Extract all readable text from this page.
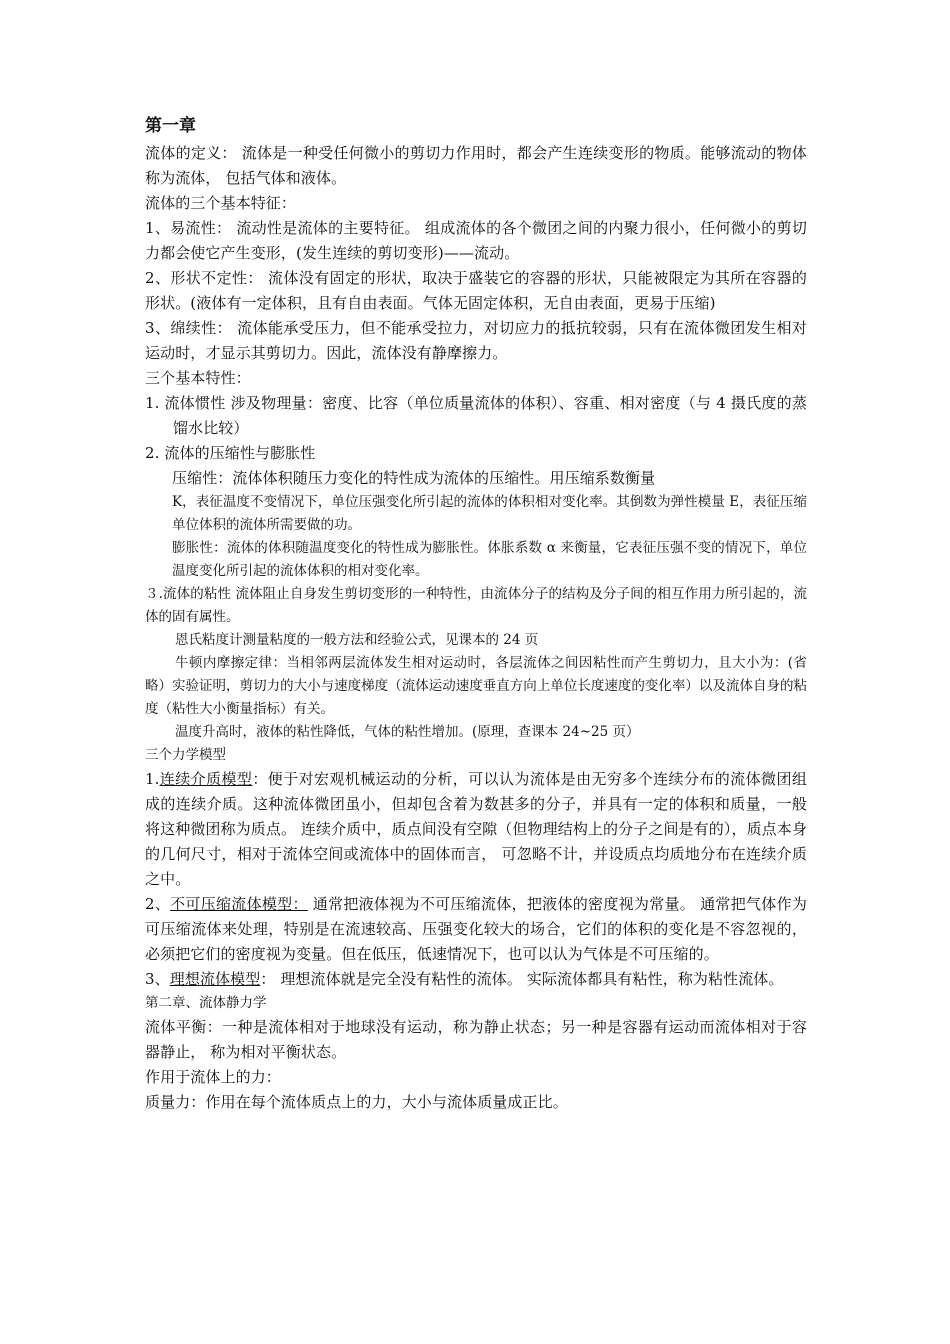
第一章

流体的定义： 流体是一种受任何微小的剪切力作用时，都会产生连续变形的物质。能够流动的物体称为流体， 包括气体和液体。

流体的三个基本特征：

1、易流性： 流动性是流体的主要特征。 组成流体的各个微团之间的内聚力很小，任何微小的剪切力都会使它产生变形，(发生连续的剪切变形)——流动。

2、形状不定性： 流体没有固定的形状，取决于盛装它的容器的形状，只能被限定为其所在容器的形状。(液体有一定体积，且有自由表面。气体无固定体积，无自由表面，更易于压缩)

3、绵续性： 流体能承受压力，但不能承受拉力，对切应力的抵抗较弱，只有在流体微团发生相对运动时，才显示其剪切力。因此，流体没有静摩擦力。

三个基本特性：

1. 流体惯性 涉及物理量：密度、比容（单位质量流体的体积）、容重、相对密度（与 4 摄氏度的蒸馏水比较）

2. 流体的压缩性与膨胀性

压缩性：流体体积随压力变化的特性成为流体的压缩性。用压缩系数衡量

K，表征温度不变情况下，单位压强变化所引起的流体的体积相对变化率。其倒数为弹性模量 E，表征压缩单位体积的流体所需要做的功。

膨胀性：流体的体积随温度变化的特性成为膨胀性。体胀系数 α 来衡量，它表征压强不变的情况下，单位温度变化所引起的流体体积的相对变化率。

３.流体的粘性 流体阻止自身发生剪切变形的一种特性，由流体分子的结构及分子间的相互作用力所引起的，流体的固有属性。

恩氏粘度计测量粘度的一般方法和经验公式，见课本的 24 页

牛顿内摩擦定律：当相邻两层流体发生相对运动时，各层流体之间因粘性而产生剪切力，且大小为：(省略）实验证明，剪切力的大小与速度梯度（流体运动速度垂直方向上单位长度速度的变化率）以及流体自身的粘度（粘性大小衡量指标）有关。

温度升高时，液体的粘性降低，气体的粘性增加。(原理，查课本 24~25 页）

三个力学模型

1.连续介质模型：便于对宏观机械运动的分析，可以认为流体是由无穷多个连续分布的流体微团组成的连续介质。这种流体微团虽小，但却包含着为数甚多的分子，并具有一定的体积和质量，一般将这种微团称为质点。 连续介质中，质点间没有空隙（但物理结构上的分子之间是有的），质点本身的几何尺寸，相对于流体空间或流体中的固体而言， 可忽略不计，并设质点均质地分布在连续介质之中。

2、不可压缩流体模型： 通常把液体视为不可压缩流体，把液体的密度视为常量。 通常把气体作为可压缩流体来处理，特别是在流速较高、压强变化较大的场合，它们的体积的变化是不容忽视的，必须把它们的密度视为变量。但在低压，低速情况下，也可以认为气体是不可压缩的。

3、理想流体模型： 理想流体就是完全没有粘性的流体。 实际流体都具有粘性，称为粘性流体。

第二章、流体静力学

流体平衡：一种是流体相对于地球没有运动，称为静止状态；另一种是容器有运动而流体相对于容器静止， 称为相对平衡状态。

作用于流体上的力：

质量力：作用在每个流体质点上的力，大小与流体质量成正比。
